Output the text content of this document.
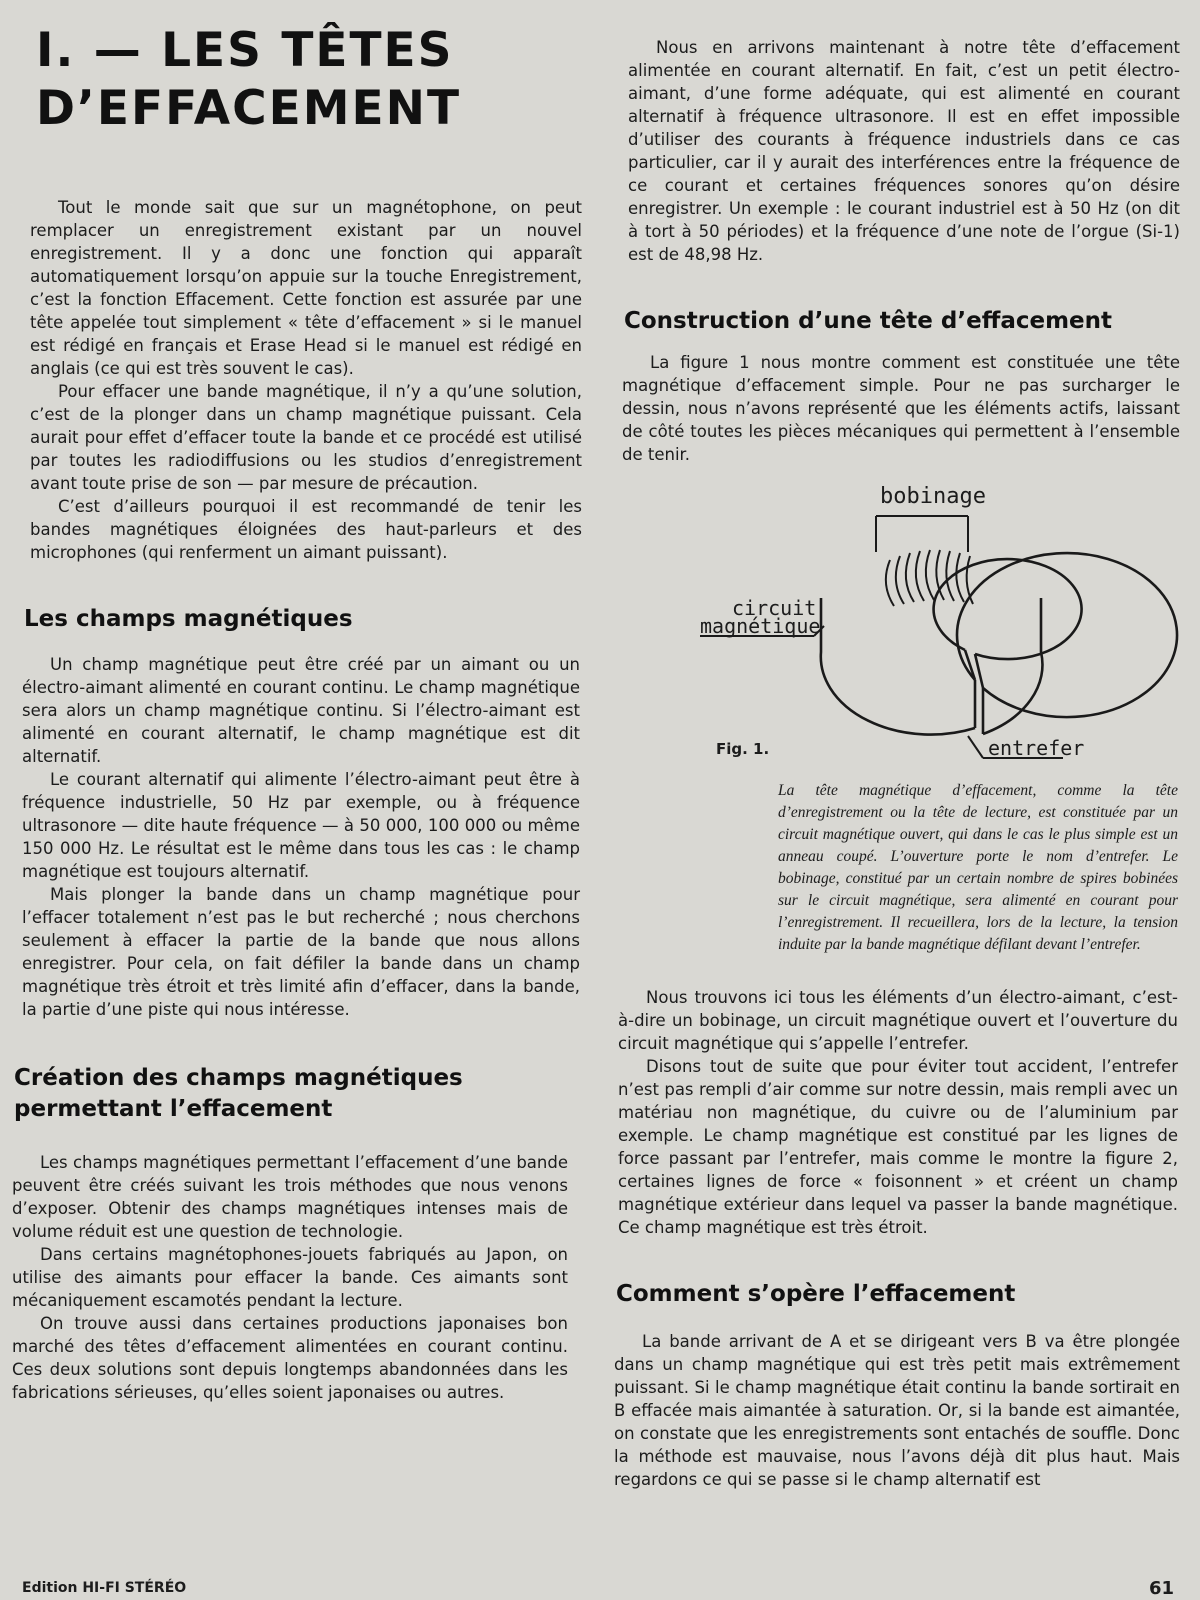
I. — LES TÊTES
D’EFFACEMENT

Tout le monde sait que sur un magnétophone, on peut remplacer un enregistrement existant par un nouvel enregistrement. Il y a donc une fonction qui apparaît automatiquement lorsqu’on appuie sur la touche Enregistrement, c’est la fonction Effacement. Cette fonction est assurée par une tête appelée tout simplement « tête d’effacement » si le manuel est rédigé en français et Erase Head si le manuel est rédigé en anglais (ce qui est très souvent le cas).

Pour effacer une bande magnétique, il n’y a qu’une solution, c’est de la plonger dans un champ magnétique puissant. Cela aurait pour effet d’effacer toute la bande et ce procédé est utilisé par toutes les radiodiffusions ou les studios d’enregistrement avant toute prise de son — par mesure de précaution.

C’est d’ailleurs pourquoi il est recommandé de tenir les bandes magnétiques éloignées des haut-parleurs et des microphones (qui renferment un aimant puissant).

Les champs magnétiques

Un champ magnétique peut être créé par un aimant ou un électro-aimant alimenté en courant continu. Le champ magnétique sera alors un champ magnétique continu. Si l’électro-aimant est alimenté en courant alternatif, le champ magnétique est dit alternatif.

Le courant alternatif qui alimente l’électro-aimant peut être à fréquence industrielle, 50 Hz par exemple, ou à fréquence ultrasonore — dite haute fréquence — à 50 000, 100 000 ou même 150 000 Hz. Le résultat est le même dans tous les cas : le champ magnétique est toujours alternatif.

Mais plonger la bande dans un champ magnétique pour l’effacer totalement n’est pas le but recherché ; nous cherchons seulement à effacer la partie de la bande que nous allons enregistrer. Pour cela, on fait défiler la bande dans un champ magnétique très étroit et très limité afin d’effacer, dans la bande, la partie d’une piste qui nous intéresse.

Création des champs magnétiques
permettant l’effacement

Les champs magnétiques permettant l’effacement d’une bande peuvent être créés suivant les trois méthodes que nous venons d’exposer. Obtenir des champs magnétiques intenses mais de volume réduit est une question de technologie.

Dans certains magnétophones-jouets fabriqués au Japon, on utilise des aimants pour effacer la bande. Ces aimants sont mécaniquement escamotés pendant la lecture.

On trouve aussi dans certaines productions japonaises bon marché des têtes d’effacement alimentées en courant continu. Ces deux solutions sont depuis longtemps abandonnées dans les fabrications sérieuses, qu’elles soient japonaises ou autres.

Nous en arrivons maintenant à notre tête d’effacement alimentée en courant alternatif. En fait, c’est un petit électro-aimant, d’une forme adéquate, qui est alimenté en courant alternatif à fréquence ultrasonore. Il est en effet impossible d’utiliser des courants à fréquence industriels dans ce cas particulier, car il y aurait des interférences entre la fréquence de ce courant et certaines fréquences sonores qu’on désire enregistrer. Un exemple : le courant industriel est à 50 Hz (on dit à tort à 50 périodes) et la fréquence d’une note de l’orgue (Si-1) est de 48,98 Hz.

Construction d’une tête d’effacement

La figure 1 nous montre comment est constituée une tête magnétique d’effacement simple. Pour ne pas surcharger le dessin, nous n’avons représenté que les éléments actifs, laissant de côté toutes les pièces mécaniques qui permettent à l’ensemble de tenir.

bobinage
circuit
magnétique
entrefer
Fig. 1.
La tête magnétique d’effacement, comme la tête d’enregistrement ou la tête de lecture, est constituée par un circuit magnétique ouvert, qui dans le cas le plus simple est un anneau coupé. L’ouverture porte le nom d’entrefer. Le bobinage, constitué par un certain nombre de spires bobinées sur le circuit magnétique, sera alimenté en courant pour l’enregistrement. Il recueillera, lors de la lecture, la tension induite par la bande magnétique défilant devant l’entrefer.

Nous trouvons ici tous les éléments d’un électro-aimant, c’est-à-dire un bobinage, un circuit magnétique ouvert et l’ouverture du circuit magnétique qui s’appelle l’entrefer.

Disons tout de suite que pour éviter tout accident, l’entrefer n’est pas rempli d’air comme sur notre dessin, mais rempli avec un matériau non magnétique, du cuivre ou de l’aluminium par exemple. Le champ magnétique est constitué par les lignes de force passant par l’entrefer, mais comme le montre la figure 2, certaines lignes de force « foisonnent » et créent un champ magnétique extérieur dans lequel va passer la bande magnétique. Ce champ magnétique est très étroit.

Comment s’opère l’effacement

La bande arrivant de A et se dirigeant vers B va être plongée dans un champ magnétique qui est très petit mais extrêmement puissant. Si le champ magnétique était continu la bande sortirait en B effacée mais aimantée à saturation. Or, si la bande est aimantée, on constate que les enregistrements sont entachés de souffle. Donc la méthode est mauvaise, nous l’avons déjà dit plus haut. Mais regardons ce qui se passe si le champ alternatif est

Edition HI-FI STÉRÉO	61
